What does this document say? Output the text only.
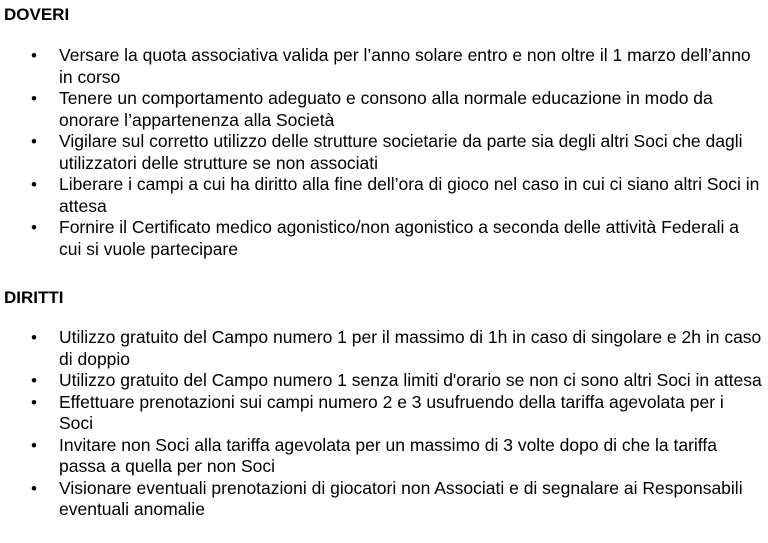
DOVERI
• Versare la quota associativa valida per l’anno solare entro e non oltre il 1 marzo dell’anno in corso
• Tenere un comportamento adeguato e consono alla normale educazione in modo da onorare l’appartenenza alla Società
• Vigilare sul corretto utilizzo delle strutture societarie da parte sia degli altri Soci che dagli utilizzatori delle strutture se non associati
• Liberare i campi a cui ha diritto alla fine dell’ora di gioco nel caso in cui ci siano altri Soci in attesa
• Fornire il Certificato medico agonistico/non agonistico a seconda delle attività Federali a cui si vuole partecipare
DIRITTI
• Utilizzo gratuito del Campo numero 1 per il massimo di 1h in caso di singolare e 2h in caso di doppio
• Utilizzo gratuito del Campo numero 1 senza limiti d'orario se non ci sono altri Soci in attesa
• Effettuare prenotazioni sui campi numero 2 e 3 usufruendo della tariffa agevolata per i Soci
• Invitare non Soci alla tariffa agevolata per un massimo di 3 volte dopo di che la tariffa passa a quella per non Soci
• Visionare eventuali prenotazioni di giocatori non Associati e di segnalare ai Responsabili eventuali anomalie
